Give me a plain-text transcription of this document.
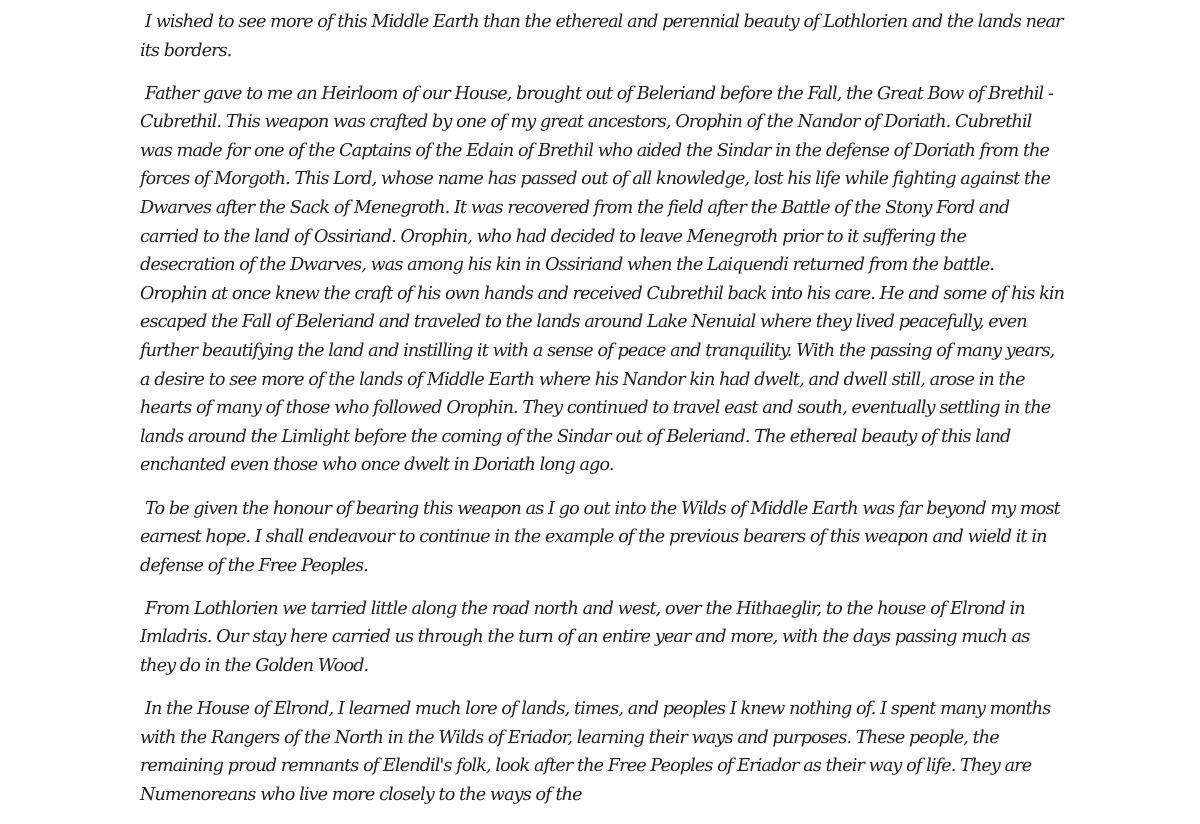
I wished to see more of this Middle Earth than the ethereal and perennial beauty of Lothlorien and the lands near its borders.

Father gave to me an Heirloom of our House, brought out of Beleriand before the Fall, the Great Bow of Brethil - Cubrethil. This weapon was crafted by one of my great ancestors, Orophin of the Nandor of Doriath. Cubrethil was made for one of the Captains of the Edain of Brethil who aided the Sindar in the defense of Doriath from the forces of Morgoth. This Lord, whose name has passed out of all knowledge, lost his life while fighting against the Dwarves after the Sack of Menegroth. It was recovered from the field after the Battle of the Stony Ford and carried to the land of Ossiriand. Orophin, who had decided to leave Menegroth prior to it suffering the desecration of the Dwarves, was among his kin in Ossiriand when the Laiquendi returned from the battle. Orophin at once knew the craft of his own hands and received Cubrethil back into his care. He and some of his kin escaped the Fall of Beleriand and traveled to the lands around Lake Nenuial where they lived peacefully, even further beautifying the land and instilling it with a sense of peace and tranquility. With the passing of many years, a desire to see more of the lands of Middle Earth where his Nandor kin had dwelt, and dwell still, arose in the hearts of many of those who followed Orophin. They continued to travel east and south, eventually settling in the lands around the Limlight before the coming of the Sindar out of Beleriand. The ethereal beauty of this land enchanted even those who once dwelt in Doriath long ago.

To be given the honour of bearing this weapon as I go out into the Wilds of Middle Earth was far beyond my most earnest hope. I shall endeavour to continue in the example of the previous bearers of this weapon and wield it in defense of the Free Peoples.

From Lothlorien we tarried little along the road north and west, over the Hithaeglir, to the house of Elrond in Imladris. Our stay here carried us through the turn of an entire year and more, with the days passing much as they do in the Golden Wood.

In the House of Elrond, I learned much lore of lands, times, and peoples I knew nothing of. I spent many months with the Rangers of the North in the Wilds of Eriador, learning their ways and purposes. These people, the remaining proud remnants of Elendil's folk, look after the Free Peoples of Eriador as their way of life. They are Numenoreans who live more closely to the ways of the
